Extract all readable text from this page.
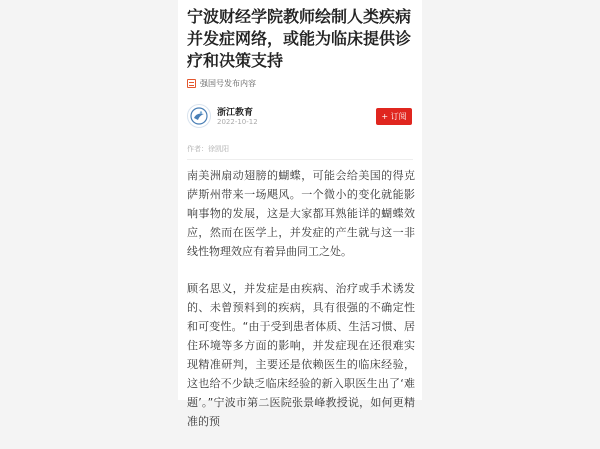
宁波财经学院教师绘制人类疾病并发症网络，或能为临床提供诊疗和决策支持
强国号发布内容
浙江教育
2022-10-12
+ 订阅
作者：徐凯阳

南美洲扇动翅膀的蝴蝶，可能会给美国的得克萨斯州带来一场飓风。一个微小的变化就能影响事物的发展，这是大家都耳熟能详的蝴蝶效应，然而在医学上，并发症的产生就与这一非线性物理效应有着异曲同工之处。

顾名思义，并发症是由疾病、治疗或手术诱发的、未曾预料到的疾病，具有很强的不确定性和可变性。“由于受到患者体质、生活习惯、居住环境等多方面的影响，并发症现在还很难实现精准研判，主要还是依赖医生的临床经验，这也给不少缺乏临床经验的新入职医生出了‘难题’。”宁波市第二医院张景峰教授说，如何更精准的预
